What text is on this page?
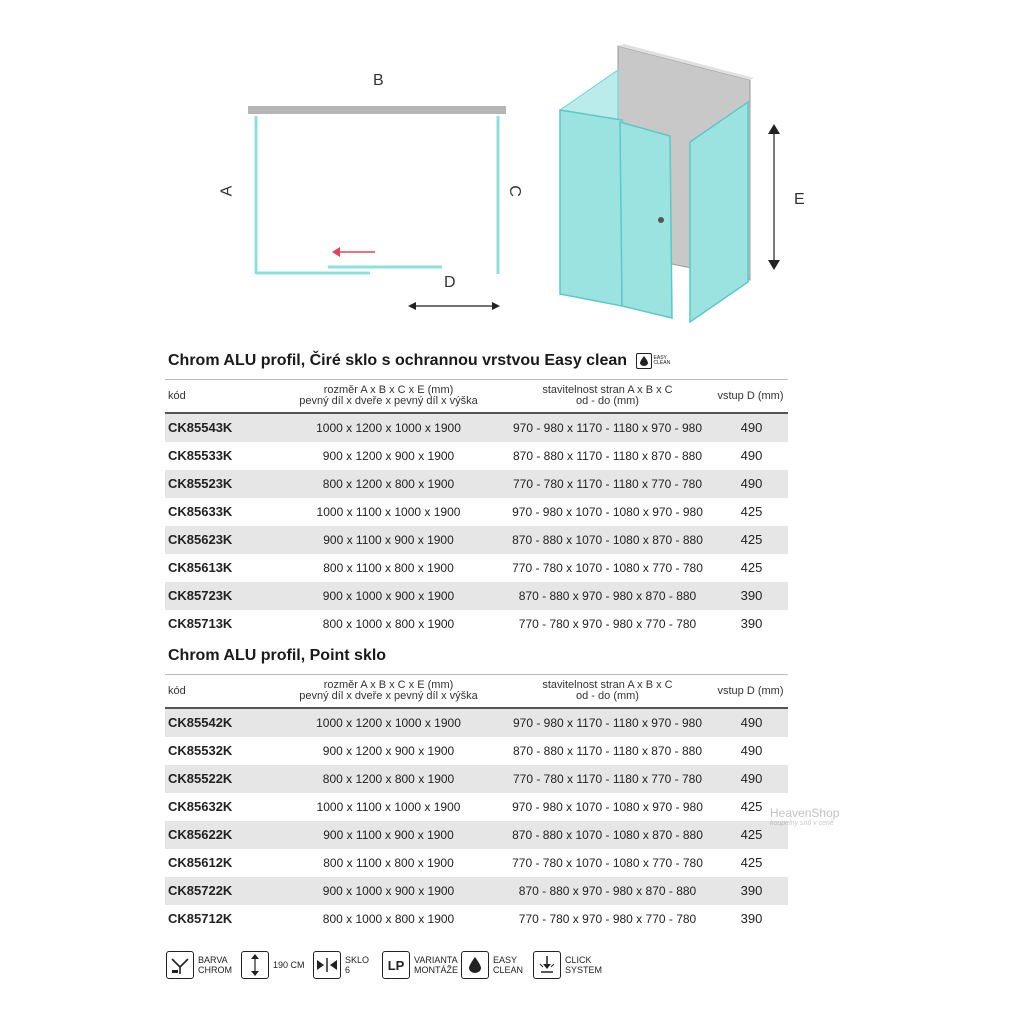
B
A	C
D
E
Chrom ALU profil, Čiré sklo s ochrannou vrstvou Easy clean	EASY
CLEAN
kód	rozměr A x B x C x E (mm)
pevný díl x dveře x pevný díl x výška
stavitelnost stran A x B x C
od - do (mm)	vstup D (mm)
CK85543K	1000 x 1200 x 1000 x 1900	970 - 980 x 1170 - 1180 x 970 - 980	490
CK85533K	900 x 1200 x 900 x 1900	870 - 880 x 1170 - 1180 x 870 - 880	490
CK85523K	800 x 1200 x 800 x 1900	770 - 780 x 1170 - 1180 x 770 - 780	490
CK85633K	1000 x 1100 x 1000 x 1900	970 - 980 x 1070 - 1080 x 970 - 980	425
CK85623K	900 x 1100 x 900 x 1900	870 - 880 x 1070 - 1080 x 870 - 880	425
CK85613K	800 x 1100 x 800 x 1900	770 - 780 x 1070 - 1080 x 770 - 780	425
CK85723K	900 x 1000 x 900 x 1900	870 - 880 x 970 - 980 x 870 - 880	390
CK85713K	800 x 1000 x 800 x 1900	770 - 780 x 970 - 980 x 770 - 780	390
Chrom ALU profil, Point sklo
kód	rozměr A x B x C x E (mm)
pevný díl x dveře x pevný díl x výška
stavitelnost stran A x B x C
od - do (mm)	vstup D (mm)
CK85542K	1000 x 1200 x 1000 x 1900	970 - 980 x 1170 - 1180 x 970 - 980	490
CK85532K	900 x 1200 x 900 x 1900	870 - 880 x 1170 - 1180 x 870 - 880	490
CK85522K	800 x 1200 x 800 x 1900	770 - 780 x 1170 - 1180 x 770 - 780	490
CK85632K	1000 x 1100 x 1000 x 1900	970 - 980 x 1070 - 1080 x 970 - 980	425
CK85622K	900 x 1100 x 900 x 1900	870 - 880 x 1070 - 1080 x 870 - 880	425
CK85612K	800 x 1100 x 800 x 1900	770 - 780 x 1070 - 1080 x 770 - 780	425
CK85722K	900 x 1000 x 900 x 1900	870 - 880 x 970 - 980 x 870 - 880	390
CK85712K	800 x 1000 x 800 x 1900	770 - 780 x 970 - 980 x 770 - 780	390
HeavenShop
koupelny snů v ceně
BARVA
CHROM	190 CM	SKLO
6	LP	VARIANTA
MONTÁŽE
EASY
CLEAN
CLICK
SYSTEM
